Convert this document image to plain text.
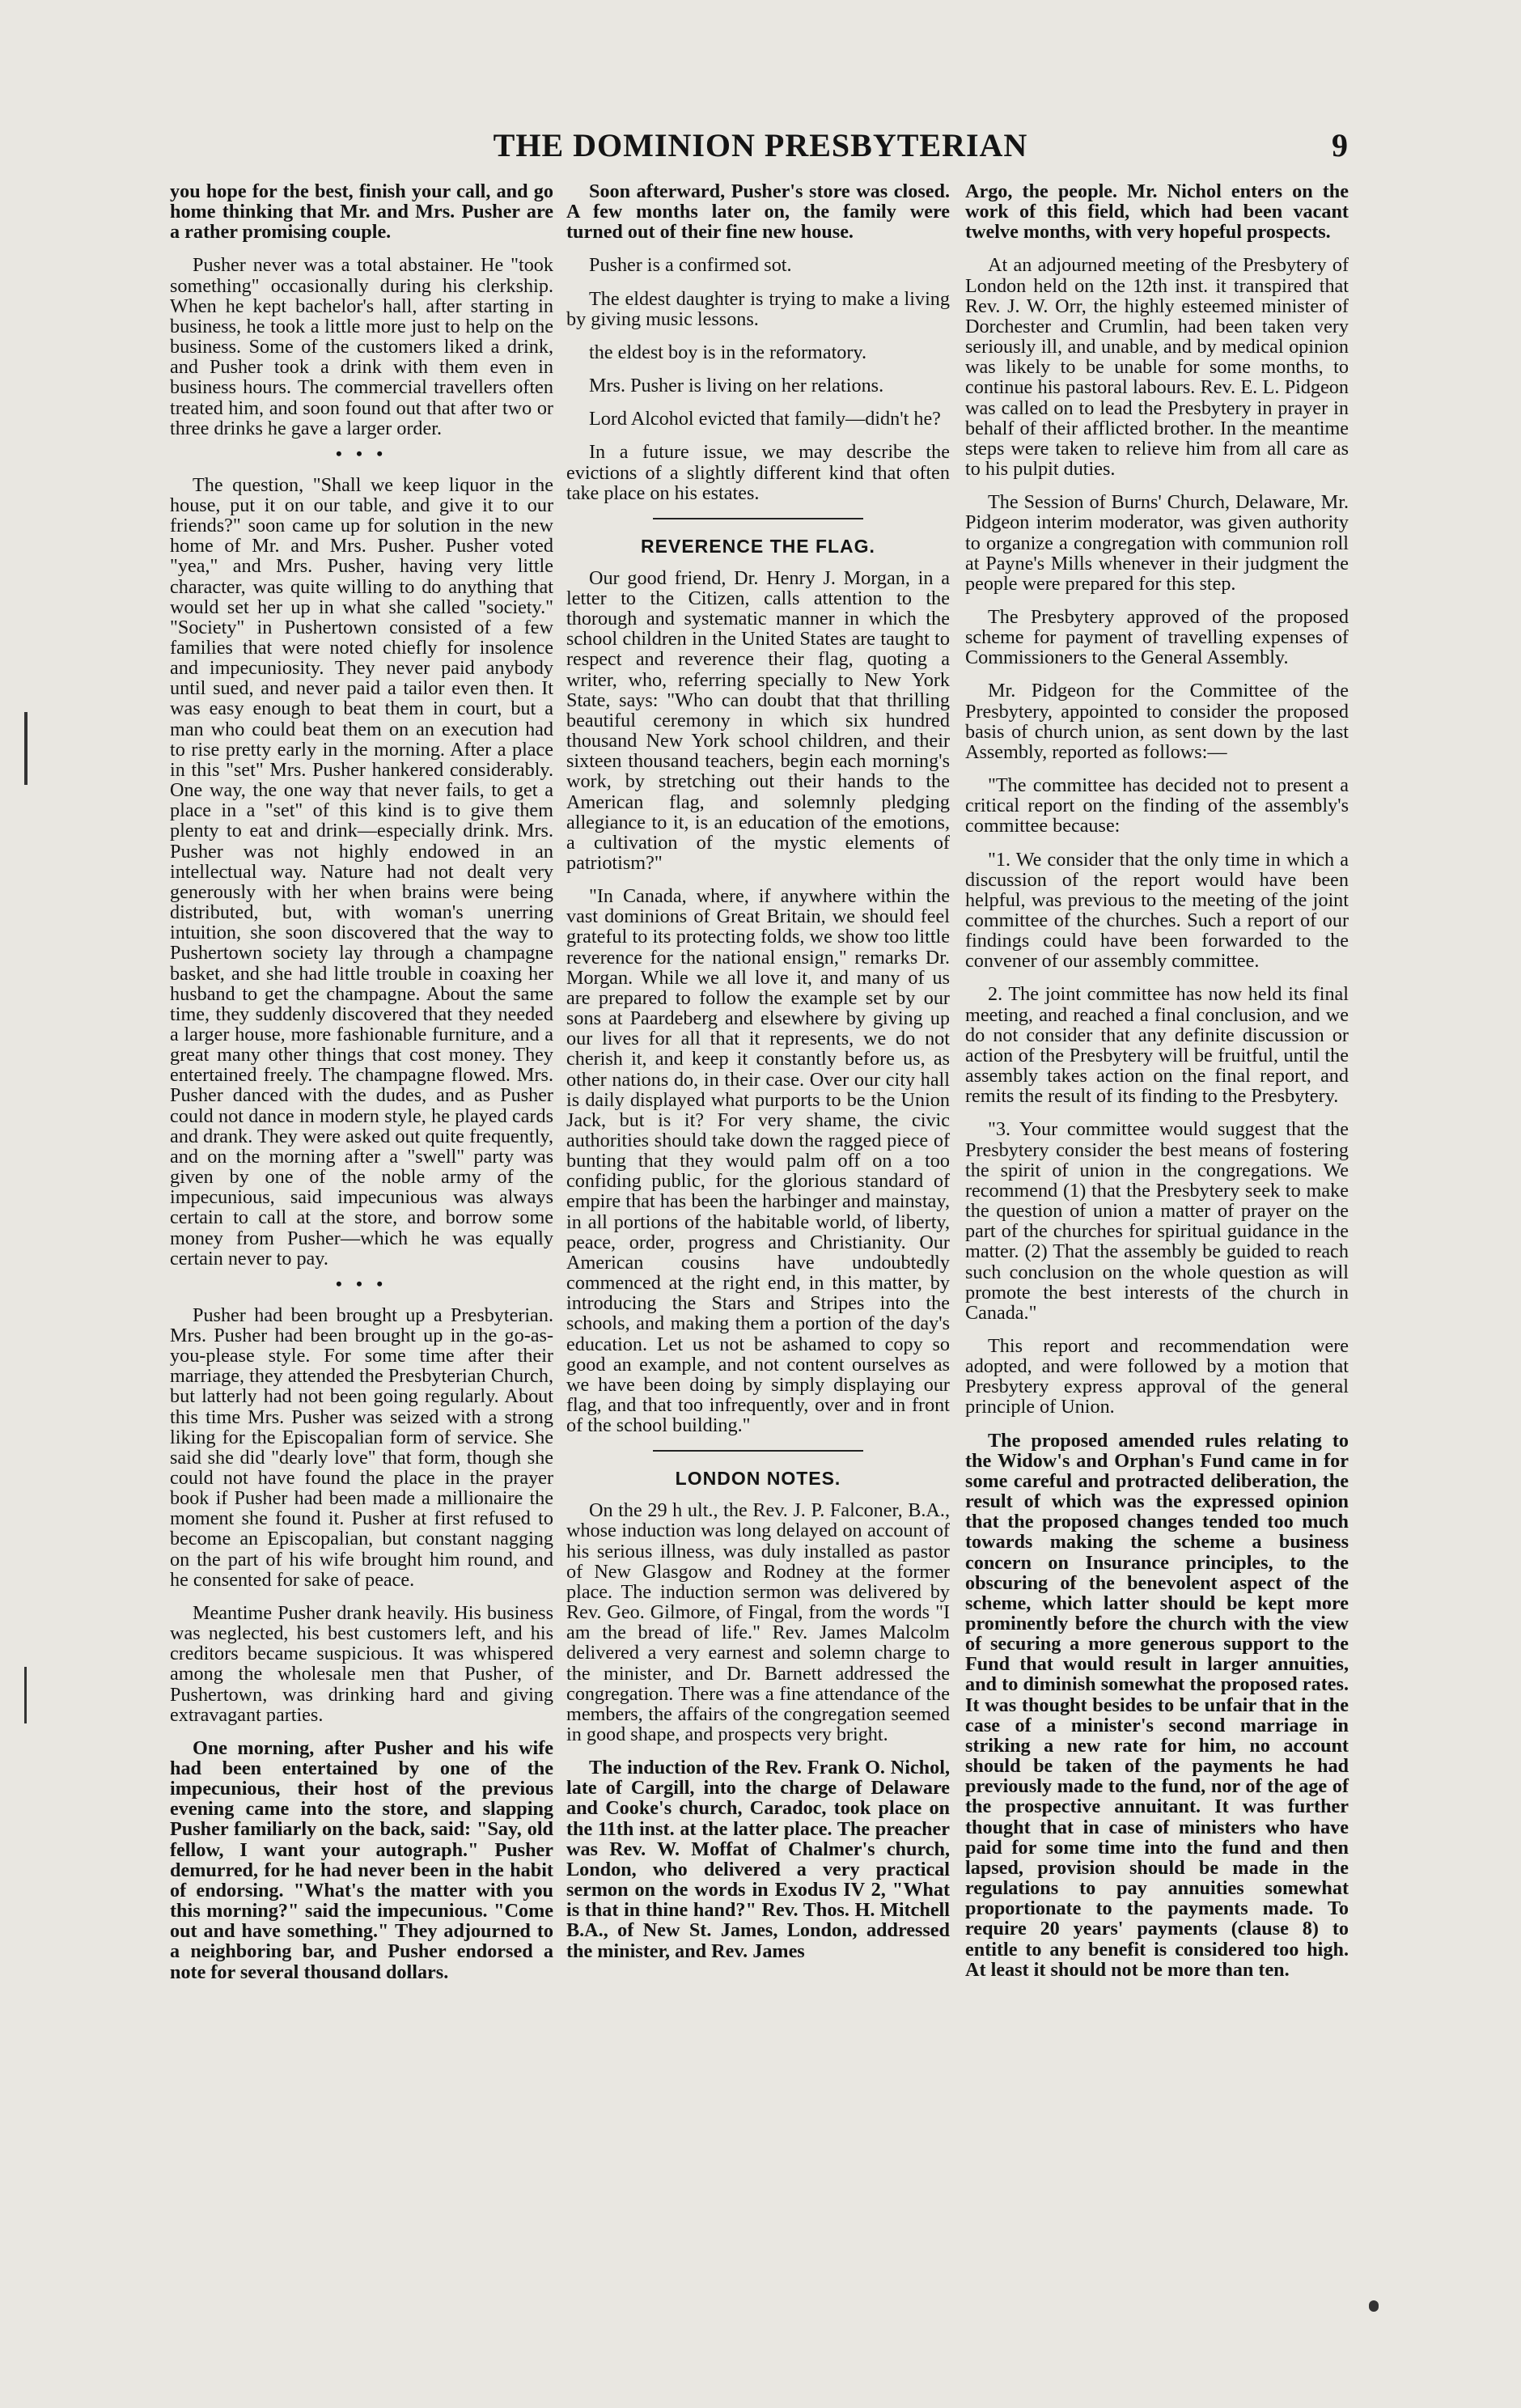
THE DOMINION PRESBYTERIAN	9

you hope for the best, finish your call, and go home thinking that Mr. and Mrs. Pusher are a rather promising couple.

Pusher never was a total abstainer. He "took something" occasionally during his clerkship. When he kept bachelor's hall, after starting in business, he took a little more just to help on the business. Some of the customers liked a drink, and Pusher took a drink with them even in business hours. The commercial travellers often treated him, and soon found out that after two or three drinks he gave a larger order.

• • •

The question, "Shall we keep liquor in the house, put it on our table, and give it to our friends?" soon came up for solution in the new home of Mr. and Mrs. Pusher. Pusher voted "yea," and Mrs. Pusher, having very little character, was quite willing to do anything that would set her up in what she called "society." "Society" in Pushertown consisted of a few families that were noted chiefly for insolence and impecuniosity. They never paid anybody until sued, and never paid a tailor even then. It was easy enough to beat them in court, but a man who could beat them on an execution had to rise pretty early in the morning. After a place in this "set" Mrs. Pusher hankered considerably. One way, the one way that never fails, to get a place in a "set" of this kind is to give them plenty to eat and drink—especially drink. Mrs. Pusher was not highly endowed in an intellectual way. Nature had not dealt very generously with her when brains were being distributed, but, with woman's unerring intuition, she soon discovered that the way to Pushertown society lay through a champagne basket, and she had little trouble in coaxing her husband to get the champagne. About the same time, they suddenly discovered that they needed a larger house, more fashionable furniture, and a great many other things that cost money. They entertained freely. The champagne flowed. Mrs. Pusher danced with the dudes, and as Pusher could not dance in modern style, he played cards and drank. They were asked out quite frequently, and on the morning after a "swell" party was given by one of the noble army of the impecunious, said impecunious was always certain to call at the store, and borrow some money from Pusher—which he was equally certain never to pay.

• • •

Pusher had been brought up a Presbyterian. Mrs. Pusher had been brought up in the go-as-you-please style. For some time after their marriage, they attended the Presbyterian Church, but latterly had not been going regularly. About this time Mrs. Pusher was seized with a strong liking for the Episcopalian form of service. She said she did "dearly love" that form, though she could not have found the place in the prayer book if Pusher had been made a millionaire the moment she found it. Pusher at first refused to become an Episcopalian, but constant nagging on the part of his wife brought him round, and he consented for sake of peace.

Meantime Pusher drank heavily. His business was neglected, his best customers left, and his creditors became suspicious. It was whispered among the wholesale men that Pusher, of Pushertown, was drinking hard and giving extravagant parties.

One morning, after Pusher and his wife had been entertained by one of the impecunious, their host of the previous evening came into the store, and slapping Pusher familiarly on the back, said: "Say, old fellow, I want your autograph." Pusher demurred, for he had never been in the habit of endorsing. "What's the matter with you this morning?" said the impecunious. "Come out and have something." They adjourned to a neighboring bar, and Pusher endorsed a note for several thousand dollars.

Soon afterward, Pusher's store was closed. A few months later on, the family were turned out of their fine new house.

Pusher is a confirmed sot.

The eldest daughter is trying to make a living by giving music lessons.

the eldest boy is in the reformatory.

Mrs. Pusher is living on her relations.

Lord Alcohol evicted that family—didn't he?

In a future issue, we may describe the evictions of a slightly different kind that often take place on his estates.

REVERENCE THE FLAG.

Our good friend, Dr. Henry J. Morgan, in a letter to the Citizen, calls attention to the thorough and systematic manner in which the school children in the United States are taught to respect and reverence their flag, quoting a writer, who, referring specially to New York State, says: "Who can doubt that that thrilling beautiful ceremony in which six hundred thousand New York school children, and their sixteen thousand teachers, begin each morning's work, by stretching out their hands to the American flag, and solemnly pledging allegiance to it, is an education of the emotions, a cultivation of the mystic elements of patriotism?"

"In Canada, where, if anywhere within the vast dominions of Great Britain, we should feel grateful to its protecting folds, we show too little reverence for the national ensign," remarks Dr. Morgan. While we all love it, and many of us are prepared to follow the example set by our sons at Paardeberg and elsewhere by giving up our lives for all that it represents, we do not cherish it, and keep it constantly before us, as other nations do, in their case. Over our city hall is daily displayed what purports to be the Union Jack, but is it? For very shame, the civic authorities should take down the ragged piece of bunting that they would palm off on a too confiding public, for the glorious standard of empire that has been the harbinger and mainstay, in all portions of the habitable world, of liberty, peace, order, progress and Christianity. Our American cousins have undoubtedly commenced at the right end, in this matter, by introducing the Stars and Stripes into the schools, and making them a portion of the day's education. Let us not be ashamed to copy so good an example, and not content ourselves as we have been doing by simply displaying our flag, and that too infrequently, over and in front of the school building."

LONDON NOTES.

On the 29 h ult., the Rev. J. P. Falconer, B.A., whose induction was long delayed on account of his serious illness, was duly installed as pastor of New Glasgow and Rodney at the former place. The induction sermon was delivered by Rev. Geo. Gilmore, of Fingal, from the words "I am the bread of life." Rev. James Malcolm delivered a very earnest and solemn charge to the minister, and Dr. Barnett addressed the congregation. There was a fine attendance of the members, the affairs of the congregation seemed in good shape, and prospects very bright.

The induction of the Rev. Frank O. Nichol, late of Cargill, into the charge of Delaware and Cooke's church, Caradoc, took place on the 11th inst. at the latter place. The preacher was Rev. W. Moffat of Chalmer's church, London, who delivered a very practical sermon on the words in Exodus IV 2, "What is that in thine hand?" Rev. Thos. H. Mitchell B.A., of New St. James, London, addressed the minister, and Rev. James

Argo, the people. Mr. Nichol enters on the work of this field, which had been vacant twelve months, with very hopeful prospects.

At an adjourned meeting of the Presbytery of London held on the 12th inst. it transpired that Rev. J. W. Orr, the highly esteemed minister of Dorchester and Crumlin, had been taken very seriously ill, and unable, and by medical opinion was likely to be unable for some months, to continue his pastoral labours. Rev. E. L. Pidgeon was called on to lead the Presbytery in prayer in behalf of their afflicted brother. In the meantime steps were taken to relieve him from all care as to his pulpit duties.

The Session of Burns' Church, Delaware, Mr. Pidgeon interim moderator, was given authority to organize a congregation with communion roll at Payne's Mills whenever in their judgment the people were prepared for this step.

The Presbytery approved of the proposed scheme for payment of travelling expenses of Commissioners to the General Assembly.

Mr. Pidgeon for the Committee of the Presbytery, appointed to consider the proposed basis of church union, as sent down by the last Assembly, reported as follows:—

"The committee has decided not to present a critical report on the finding of the assembly's committee because:

"1. We consider that the only time in which a discussion of the report would have been helpful, was previous to the meeting of the joint committee of the churches. Such a report of our findings could have been forwarded to the convener of our assembly committee.

2. The joint committee has now held its final meeting, and reached a final conclusion, and we do not consider that any definite discussion or action of the Presbytery will be fruitful, until the assembly takes action on the final report, and remits the result of its finding to the Presbytery.

"3. Your committee would suggest that the Presbytery consider the best means of fostering the spirit of union in the congregations. We recommend (1) that the Presbytery seek to make the question of union a matter of prayer on the part of the churches for spiritual guidance in the matter. (2) That the assembly be guided to reach such conclusion on the whole question as will promote the best interests of the church in Canada."

This report and recommendation were adopted, and were followed by a motion that Presbytery express approval of the general principle of Union.

The proposed amended rules relating to the Widow's and Orphan's Fund came in for some careful and protracted deliberation, the result of which was the expressed opinion that the proposed changes tended too much towards making the scheme a business concern on Insurance principles, to the obscuring of the benevolent aspect of the scheme, which latter should be kept more prominently before the church with the view of securing a more generous support to the Fund that would result in larger annuities, and to diminish somewhat the proposed rates. It was thought besides to be unfair that in the case of a minister's second marriage in striking a new rate for him, no account should be taken of the payments he had previously made to the fund, nor of the age of the prospective annuitant. It was further thought that in case of ministers who have paid for some time into the fund and then lapsed, provision should be made in the regulations to pay annuities somewhat proportionate to the payments made. To require 20 years' payments (clause 8) to entitle to any benefit is considered too high. At least it should not be more than ten.
